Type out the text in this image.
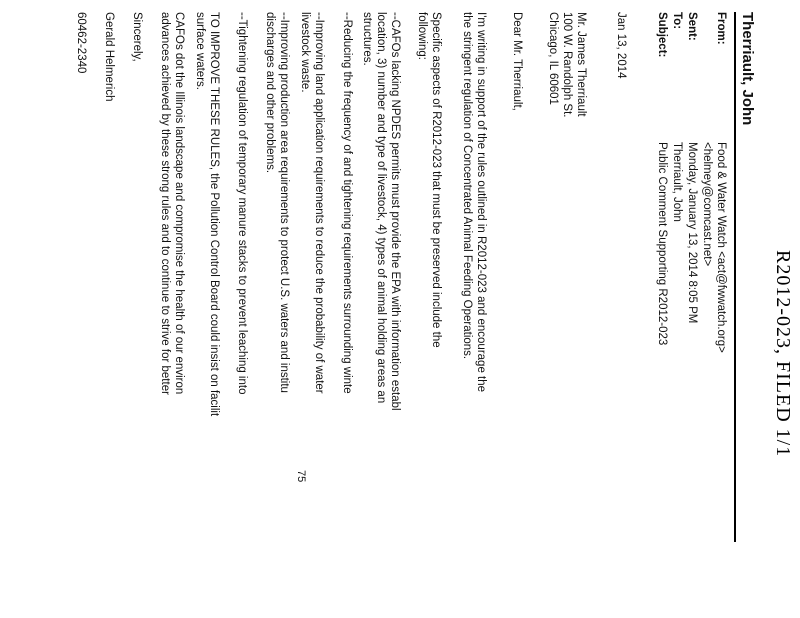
R2012-023, FILED 1/1
Therriault, John
From:Food & Water Watch <act@fwwatch.org>
<helmey@comcast.net>
Sent:Monday, January 13, 2014 8:05 PM
To:Therriault, John
Subject:Public Comment Supporting R2012-023
Jan 13, 2014
Mr. James Therriault
100 W. Randolph St.
Chicago, IL 60601
Dear Mr. Therriault,
I'm writing in support of the rules outlined in R2012-023 and encourage the
the stringent regulation of Concentrated Animal Feeding Operations.
Specific aspects of R2012-023 that must be preserved include the
following:
--CAFOs lacking NPDES permits must provide the EPA with information establ
location, 3) number and type of livestock, 4) types of animal holding areas an
structures.
--Reducing the frequency of and tightening requirements surrounding winte
--Improving land application requirements to reduce the probability of water
livestock waste.
--Improving production area requirements to protect U.S. waters and institu
discharges and other problems.
--Tightening regulation of temporary manure stacks to prevent leaching into
TO IMPROVE THESE RULES, the Pollution Control Board could insist on facilit
surface waters.
CAFOs dot the Illinois landscape and compromise the health of our environ
advances achieved by these strong rules and to continue to strive for better
Sincerely,
Gerald Helmerich
60462-2340
75
